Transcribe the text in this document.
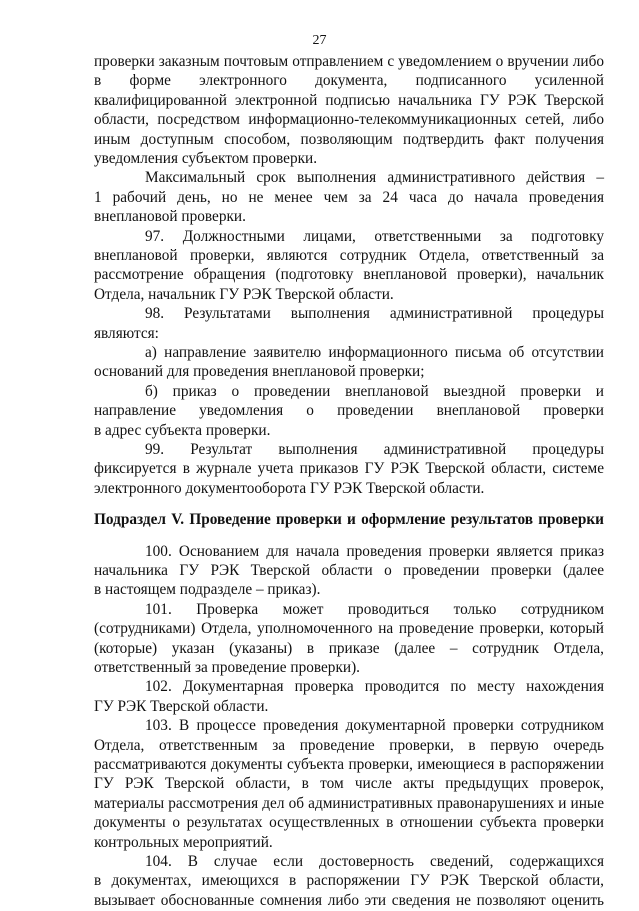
27
проверки заказным почтовым отправлением с уведомлением о вручении либо
в форме электронного документа, подписанного усиленной
квалифицированной электронной подписью начальника ГУ РЭК Тверской
области, посредством информационно-телекоммуникационных сетей, либо
иным доступным способом, позволяющим подтвердить факт получения
уведомления субъектом проверки.
Максимальный срок выполнения административного действия –
1 рабочий день, но не менее чем за 24 часа до начала проведения
внеплановой проверки.
97. Должностными лицами, ответственными за подготовку
внеплановой проверки, являются сотрудник Отдела, ответственный за
рассмотрение обращения (подготовку внеплановой проверки), начальник
Отдела, начальник ГУ РЭК Тверской области.
98. Результатами выполнения административной процедуры
являются:
а) направление заявителю информационного письма об отсутствии
оснований для проведения внеплановой проверки;
б) приказ о проведении внеплановой выездной проверки и
направление уведомления о проведении внеплановой проверки
в адрес субъекта проверки.
99. Результат выполнения административной процедуры
фиксируется в журнале учета приказов ГУ РЭК Тверской области, системе
электронного документооборота ГУ РЭК Тверской области.
Подраздел V. Проведение проверки и оформление результатов проверки
100. Основанием для начала проведения проверки является приказ
начальника ГУ РЭК Тверской области о проведении проверки (далее
в настоящем подразделе – приказ).
101. Проверка может проводиться только сотрудником
(сотрудниками) Отдела, уполномоченного на проведение проверки, который
(которые) указан (указаны) в приказе (далее – сотрудник Отдела,
ответственный за проведение проверки).
102. Документарная проверка проводится по месту нахождения
ГУ РЭК Тверской области.
103. В процессе проведения документарной проверки сотрудником
Отдела, ответственным за проведение проверки, в первую очередь
рассматриваются документы субъекта проверки, имеющиеся в распоряжении
ГУ РЭК Тверской области, в том числе акты предыдущих проверок,
материалы рассмотрения дел об административных правонарушениях и иные
документы о результатах осуществленных в отношении субъекта проверки
контрольных мероприятий.
104. В случае если достоверность сведений, содержащихся
в документах, имеющихся в распоряжении ГУ РЭК Тверской области,
вызывает обоснованные сомнения либо эти сведения не позволяют оценить
